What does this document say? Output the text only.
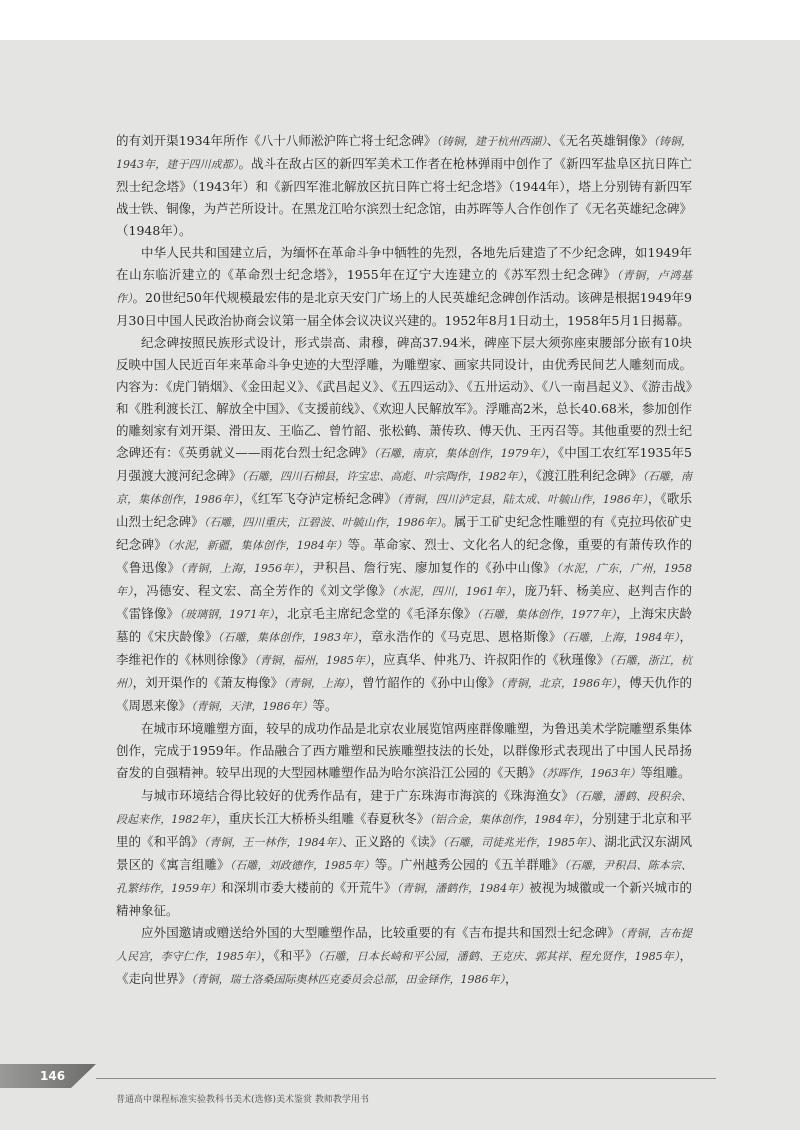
的有刘开渠1934年所作《八十八师淞沪阵亡将士纪念碑》（铸铜，建于杭州西湖）、《无名英雄铜像》（铸铜，1943年，建于四川成都）。战斗在敌占区的新四军美术工作者在枪林弹雨中创作了《新四军盐阜区抗日阵亡烈士纪念塔》（1943年）和《新四军淮北解放区抗日阵亡将士纪念塔》（1944年），塔上分别铸有新四军战士铁、铜像，为芦芒所设计。在黑龙江哈尔滨烈士纪念馆，由苏晖等人合作创作了《无名英雄纪念碑》（1948年）。

中华人民共和国建立后，为缅怀在革命斗争中牺牲的先烈，各地先后建造了不少纪念碑，如1949年在山东临沂建立的《革命烈士纪念塔》，1955年在辽宁大连建立的《苏军烈士纪念碑》（青铜，卢鸿基作）。20世纪50年代规模最宏伟的是北京天安门广场上的人民英雄纪念碑创作活动。该碑是根据1949年9月30日中国人民政治协商会议第一届全体会议决议兴建的。1952年8月1日动土，1958年5月1日揭幕。

纪念碑按照民族形式设计，形式崇高、肃穆，碑高37.94米，碑座下层大须弥座束腰部分嵌有10块反映中国人民近百年来革命斗争史迹的大型浮雕，为雕塑家、画家共同设计，由优秀民间艺人雕刻而成。内容为：《虎门销烟》、《金田起义》、《武昌起义》、《五四运动》、《五卅运动》、《八一南昌起义》、《游击战》和《胜利渡长江、解放全中国》、《支援前线》、《欢迎人民解放军》。浮雕高2米，总长40.68米，参加创作的雕刻家有刘开渠、滑田友、王临乙、曾竹韶、张松鹤、萧传玖、傅天仇、王丙召等。其他重要的烈士纪念碑还有：《英勇就义——雨花台烈士纪念碑》（石雕，南京，集体创作，1979年），《中国工农红军1935年5月强渡大渡河纪念碑》（石雕，四川石棉县，许宝忠、高彪、叶宗陶作，1982年），《渡江胜利纪念碑》（石雕，南京，集体创作，1986年），《红军飞夺泸定桥纪念碑》（青铜，四川泸定县，陆太成、叶毓山作，1986年），《歌乐山烈士纪念碑》（石雕，四川重庆，江碧波、叶毓山作，1986年）。属于工矿史纪念性雕塑的有《克拉玛依矿史纪念碑》（水泥，新疆，集体创作，1984年）等。革命家、烈士、文化名人的纪念像，重要的有萧传玖作的《鲁迅像》（青铜，上海，1956年），尹积昌、詹行宪、廖加复作的《孙中山像》（水泥，广东，广州，1958年），冯德安、程文宏、高全芳作的《刘文学像》（水泥，四川，1961年），庞乃轩、杨美应、赵判吉作的《雷锋像》（玻璃钢，1971年），北京毛主席纪念堂的《毛泽东像》（石雕，集体创作，1977年），上海宋庆龄墓的《宋庆龄像》（石雕，集体创作，1983年），章永浩作的《马克思、恩格斯像》（石雕，上海，1984年），李维祀作的《林则徐像》（青铜，福州，1985年），应真华、仲兆乃、许叔阳作的《秋瑾像》（石雕，浙江，杭州），刘开渠作的《萧友梅像》（青铜，上海），曾竹韶作的《孙中山像》（青铜，北京，1986年），傅天仇作的《周恩来像》（青铜，天津，1986年）等。

在城市环境雕塑方面，较早的成功作品是北京农业展览馆两座群像雕塑，为鲁迅美术学院雕塑系集体创作，完成于1959年。作品融合了西方雕塑和民族雕塑技法的长处，以群像形式表现出了中国人民昂扬奋发的自强精神。较早出现的大型园林雕塑作品为哈尔滨沿江公园的《天鹅》（苏晖作，1963年）等组雕。

与城市环境结合得比较好的优秀作品有，建于广东珠海市海滨的《珠海渔女》（石雕，潘鹤、段积余、段起来作，1982年），重庆长江大桥桥头组雕《春夏秋冬》（铝合金，集体创作，1984年），分别建于北京和平里的《和平鸽》（青铜，王一林作，1984年）、正义路的《读》（石雕，司徒兆光作，1985年）、湖北武汉东湖风景区的《寓言组雕》（石雕，刘政德作，1985年）等。广州越秀公园的《五羊群雕》（石雕，尹积昌、陈本宗、孔繁纬作，1959年）和深圳市委大楼前的《开荒牛》（青铜，潘鹤作，1984年）被视为城徽或一个新兴城市的精神象征。

应外国邀请或赠送给外国的大型雕塑作品，比较重要的有《吉布提共和国烈士纪念碑》（青铜，吉布提人民宫，李守仁作，1985年），《和平》（石雕，日本长崎和平公园，潘鹤、王克庆、郭其祥、程允贤作，1985年），《走向世界》（青铜，瑞士洛桑国际奥林匹克委员会总部，田金铎作，1986年），

146
普通高中课程标准实验教科书美术(选修)美术鉴赏 教师教学用书
